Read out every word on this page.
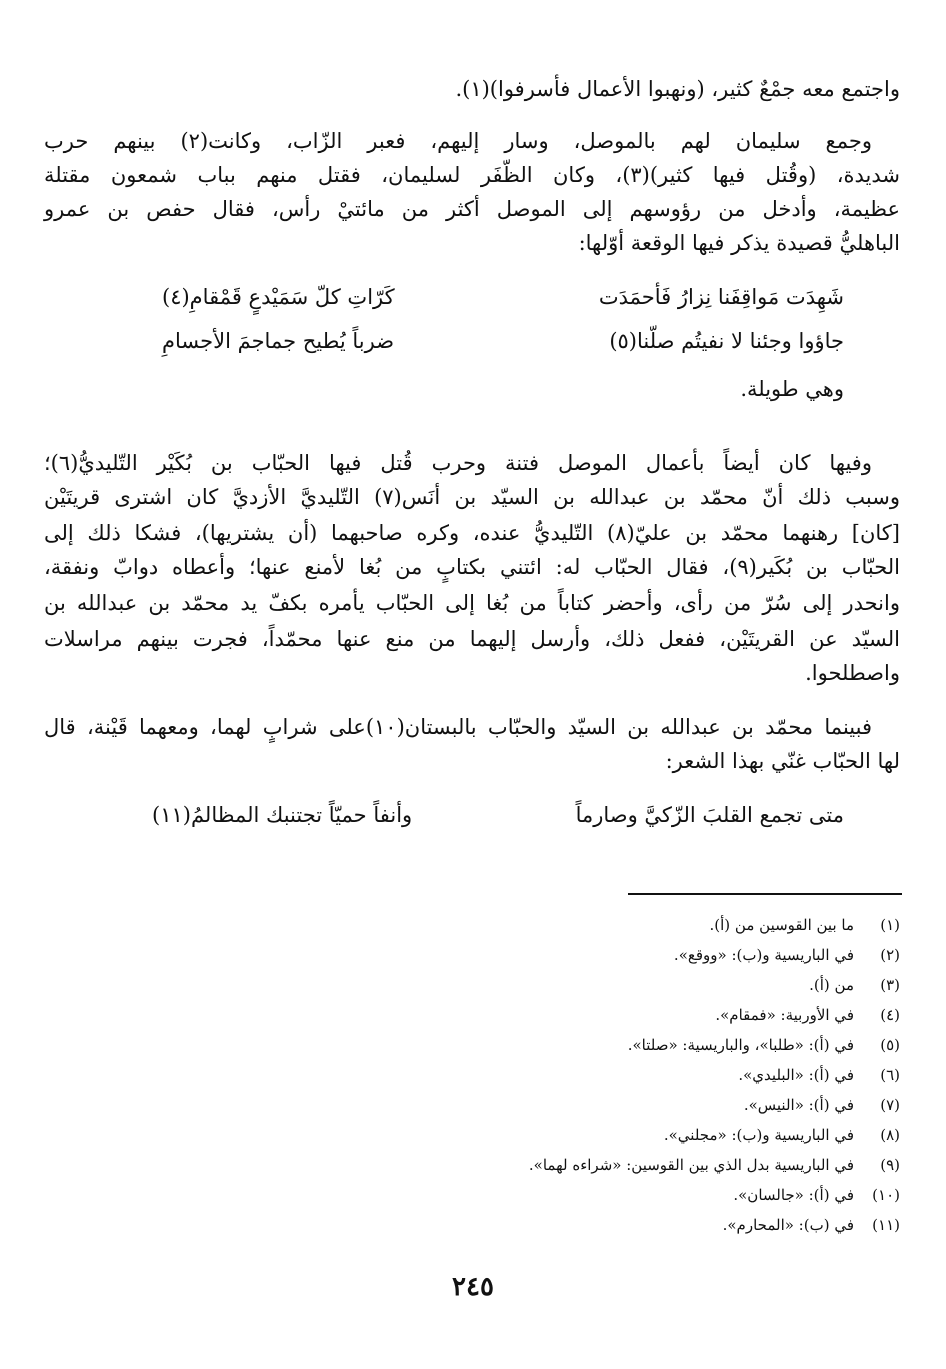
واجتمع معه جمْعٌ كثير، (ونهبوا الأعمال فأسرفوا)(١).
وجمع سليمان لهم بالموصل، وسار إليهم، فعبر الزّاب، وكانت(٢) بينهم حرب
شديدة، (وقُتل فيها كثير)(٣)، وكان الظّفَر لسليمان، فقتل منهم بباب شمعون مقتلة
عظيمة، وأدخل من رؤوسهم إلى الموصل أكثر من مائتيْ رأس، فقال حفص بن عمرو
الباهليُّ قصيدة يذكر فيها الوقعة أوّلها:
شَهِدَت مَواقِفَنا نِزارُ فَأحمَدَت
كَرّاتِ كلّ سَمَيْدعٍ قَمْقامِ(٤)
جاؤوا وجئنا لا نفيتُم صلّنا(٥)
ضرباً يُطيح جماجمَ الأجسامِ
وهي طويلة.
وفيها كان أيضاً بأعمال الموصل فتنة وحرب قُتل فيها الحبّاب بن بُكَيْر التّليديُّ(٦)؛
وسبب ذلك أنّ محمّد بن عبدالله بن السيّد بن أنَس(٧) التّليديَّ الأزديَّ كان اشترى قريتَيْن
[كان] رهنهما محمّد بن عليّ(٨) التّليديُّ عنده، وكره صاحبهما (أن يشتريها)، فشكا ذلك إلى
الحبّاب بن بُكَير(٩)، فقال الحبّاب له: ائتني بكتابٍ من بُغا لأمنع عنها؛ وأعطاه دوابّ ونفقة،
وانحدر إلى سُرّ من رأى، وأحضر كتاباً من بُغا إلى الحبّاب يأمره بكفّ يد محمّد بن عبدالله بن
السيّد عن القريتَيْن، ففعل ذلك، وأرسل إليهما من منع عنها محمّداً، فجرت بينهم مراسلات
واصطلحوا.
فبينما محمّد بن عبدالله بن السيّد والحبّاب بالبستان(١٠)على شرابٍ لهما، ومعهما قَيْنة، قال
لها الحبّاب غنّي بهذا الشعر:
متى تجمع القلبَ الزّكيَّ وصارماً
وأنفاً حميّاً تجتنبك المظالمُ(١١)
(١)ما بين القوسين من (أ).
(٢)في الباريسية و(ب): «ووقع».
(٣)من (أ).
(٤)في الأوربية: «فمقام».
(٥)في (أ): «طلبا»، والباريسية: «صلتا».
(٦)في (أ): «البليدي».
(٧)في (أ): «النيس».
(٨)في الباريسية و(ب): «مجلني».
(٩)في الباريسية بدل الذي بين القوسين: «شراءه لهما».
(١٠)في (أ): «جالسان».
(١١)في (ب): «المحارم».
٢٤٥
